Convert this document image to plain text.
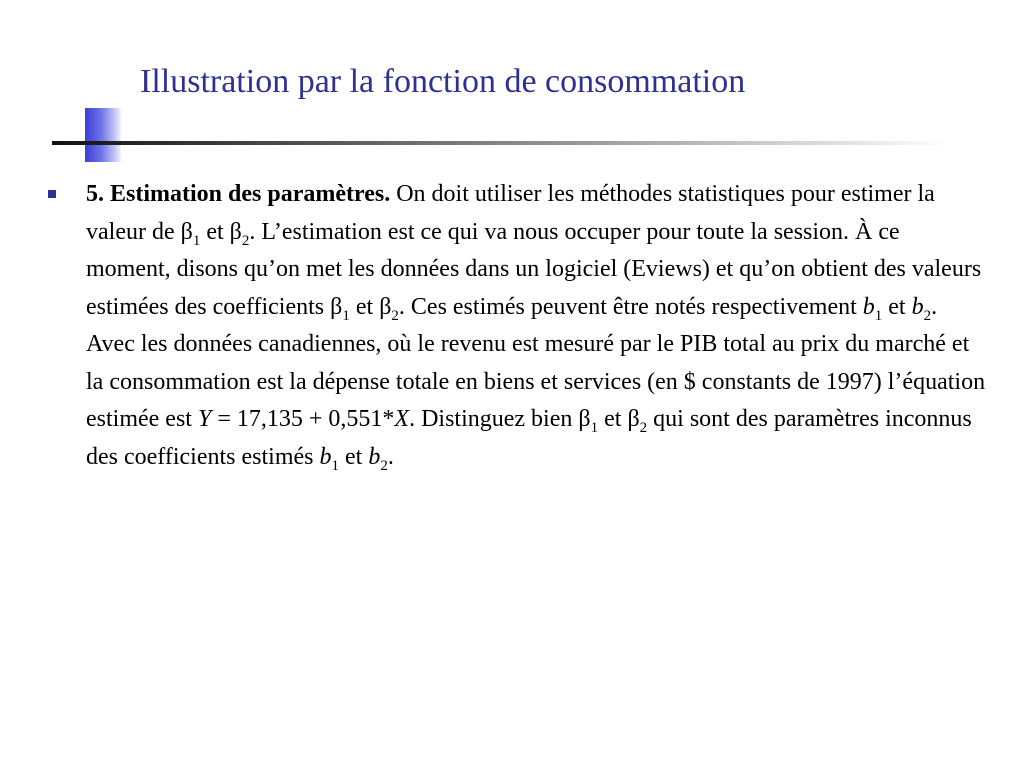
Illustration par la fonction de consommation

5. Estimation des paramètres. On doit utiliser les méthodes statistiques pour estimer la valeur de $\beta_1$ et $\beta_2$. L’estimation est ce qui va nous occuper pour toute la session. À ce moment, disons qu’on met les données dans un logiciel (Eviews) et qu’on obtient des valeurs estimées des coefficients $\beta_1$ et $\beta_2$. Ces estimés peuvent être notés respectivement $b_1$ et $b_2$. Avec les données canadiennes, où le revenu est mesuré par le PIB total au prix du marché et la consommation est la dépense totale en biens et services (en $ constants de 1997) l’équation estimée est Y = 17,135 + 0,551*X. Distinguez bien $\beta_1$ et $\beta_2$ qui sont des paramètres inconnus des coefficients estimés $b_1$ et $b_2$.
